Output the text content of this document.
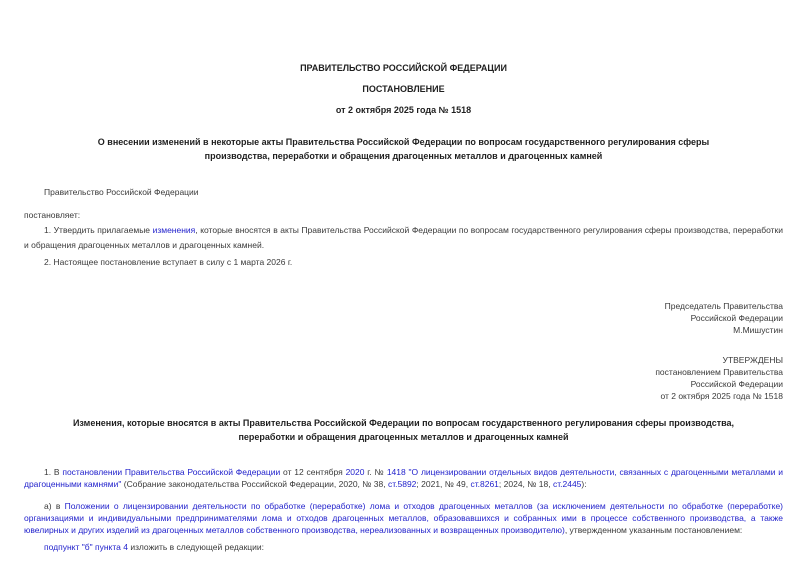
ПРАВИТЕЛЬСТВО РОССИЙСКОЙ ФЕДЕРАЦИИ

ПОСТАНОВЛЕНИЕ

от 2 октября 2025 года № 1518

О внесении изменений в некоторые акты Правительства Российской Федерации по вопросам государственного регулирования сферы производства, переработки и обращения драгоценных металлов и драгоценных камней

Правительство Российской Федерации

постановляет:

1. Утвердить прилагаемые изменения, которые вносятся в акты Правительства Российской Федерации по вопросам государственного регулирования сферы производства, переработки и обращения драгоценных металлов и драгоценных камней.

2. Настоящее постановление вступает в силу с 1 марта 2026 г.

Председатель Правительства
Российской Федерации
М.Мишустин
УТВЕРЖДЕНЫ
постановлением Правительства
Российской Федерации
от 2 октября 2025 года № 1518
Изменения, которые вносятся в акты Правительства Российской Федерации по вопросам государственного регулирования сферы производства, переработки и обращения драгоценных металлов и драгоценных камней

1. В постановлении Правительства Российской Федерации от 12 сентября 2020 г. № 1418 "О лицензировании отдельных видов деятельности, связанных с драгоценными металлами и драгоценными камнями" (Собрание законодательства Российской Федерации, 2020, № 38, ст.5892; 2021, № 49, ст.8261; 2024, № 18, ст.2445):

а) в Положении о лицензировании деятельности по обработке (переработке) лома и отходов драгоценных металлов (за исключением деятельности по обработке (переработке) организациями и индивидуальными предпринимателями лома и отходов драгоценных металлов, образовавшихся и собранных ими в процессе собственного производства, а также ювелирных и других изделий из драгоценных металлов собственного производства, нереализованных и возвращенных производителю), утвержденном указанным постановлением:

подпункт "б" пункта 4 изложить в следующей редакции:
